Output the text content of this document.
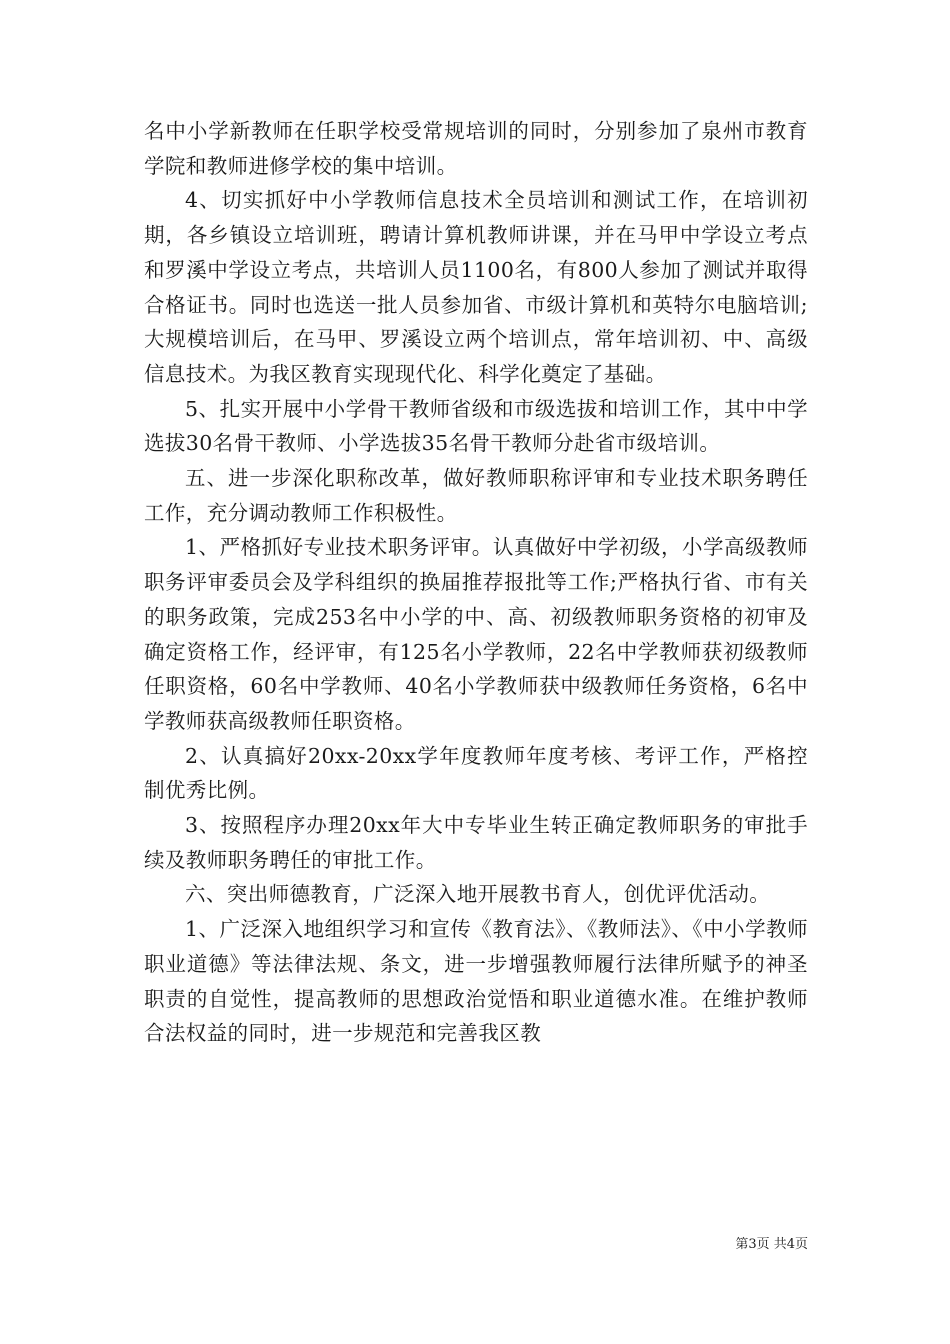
名中小学新教师在任职学校受常规培训的同时，分别参加了泉州市教育学院和教师进修学校的集中培训。

4、切实抓好中小学教师信息技术全员培训和测试工作，在培训初期，各乡镇设立培训班，聘请计算机教师讲课，并在马甲中学设立考点和罗溪中学设立考点，共培训人员1100名，有800人参加了测试并取得合格证书。同时也选送一批人员参加省、市级计算机和英特尔电脑培训;大规模培训后，在马甲、罗溪设立两个培训点，常年培训初、中、高级信息技术。为我区教育实现现代化、科学化奠定了基础。

5、扎实开展中小学骨干教师省级和市级选拔和培训工作，其中中学选拔30名骨干教师、小学选拔35名骨干教师分赴省市级培训。

五、进一步深化职称改革，做好教师职称评审和专业技术职务聘任工作，充分调动教师工作积极性。

1、严格抓好专业技术职务评审。认真做好中学初级，小学高级教师职务评审委员会及学科组织的换届推荐报批等工作;严格执行省、市有关的职务政策，完成253名中小学的中、高、初级教师职务资格的初审及确定资格工作，经评审，有125名小学教师，22名中学教师获初级教师任职资格，60名中学教师、40名小学教师获中级教师任务资格，6名中学教师获高级教师任职资格。

2、认真搞好20xx-20xx学年度教师年度考核、考评工作，严格控制优秀比例。

3、按照程序办理20xx年大中专毕业生转正确定教师职务的审批手续及教师职务聘任的审批工作。

六、突出师德教育，广泛深入地开展教书育人，创优评优活动。

1、广泛深入地组织学习和宣传《教育法》、《教师法》、《中小学教师职业道德》等法律法规、条文，进一步增强教师履行法律所赋予的神圣职责的自觉性，提高教师的思想政治觉悟和职业道德水准。在维护教师合法权益的同时，进一步规范和完善我区教

第3页 共4页
